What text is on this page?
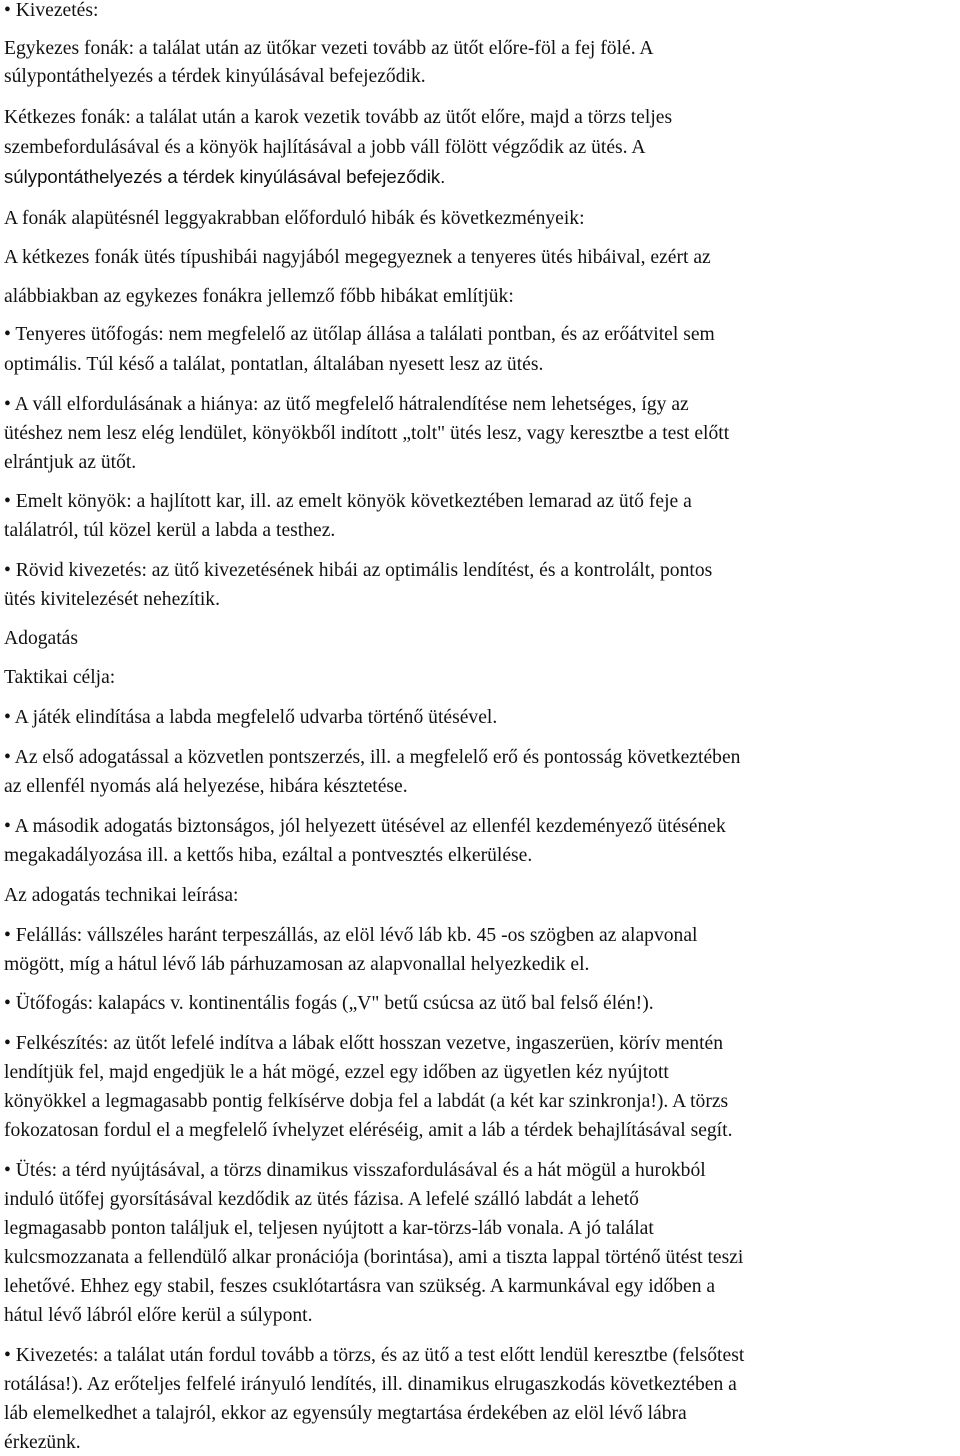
• Kivezetés:
Egykezes fonák: a találat után az ütőkar vezeti tovább az ütőt előre-föl a fej fölé. A
súlypontáthelyezés a térdek kinyúlásával befejeződik.
Kétkezes fonák: a találat után a karok vezetik tovább az ütőt előre, majd a törzs teljes
szembefordulásával és a könyök hajlításával a jobb váll fölött végződik az ütés. A
súlypontáthelyezés a térdek kinyúlásával befejeződik.
A fonák alapütésnél leggyakrabban előforduló hibák és következményeik:
A kétkezes fonák ütés típushibái nagyjából megegyeznek a tenyeres ütés hibáival, ezért az
alábbiakban az egykezes fonákra jellemző főbb hibákat említjük:
• Tenyeres ütőfogás: nem megfelelő az ütőlap állása a találati pontban, és az erőátvitel sem
optimális. Túl késő a találat, pontatlan, általában nyesett lesz az ütés.
• A váll elfordulásának a hiánya: az ütő megfelelő hátralendítése nem lehetséges, így az
ütéshez nem lesz elég lendület, könyökből indított „tolt" ütés lesz, vagy keresztbe a test előtt
elrántjuk az ütőt.
• Emelt könyök: a hajlított kar, ill. az emelt könyök következtében lemarad az ütő feje a
találatról, túl közel kerül a labda a testhez.
• Rövid kivezetés: az ütő kivezetésének hibái az optimális lendítést, és a kontrolált, pontos
ütés kivitelezését nehezítik.
Adogatás
Taktikai célja:
• A játék elindítása a labda megfelelő udvarba történő ütésével.
• Az első adogatással a közvetlen pontszerzés, ill. a megfelelő erő és pontosság következtében
az ellenfél nyomás alá helyezése, hibára késztetése.
• A második adogatás biztonságos, jól helyezett ütésével az ellenfél kezdeményező ütésének
megakadályozása ill. a kettős hiba, ezáltal a pontvesztés elkerülése.
Az adogatás technikai leírása:
• Felállás: vállszéles haránt terpeszállás, az elöl lévő láb kb. 45 -os szögben az alapvonal
mögött, míg a hátul lévő láb párhuzamosan az alapvonallal helyezkedik el.
• Ütőfogás: kalapács v. kontinentális fogás („V" betű csúcsa az ütő bal felső élén!).
• Felkészítés: az ütőt lefelé indítva a lábak előtt hosszan vezetve, ingaszerüen, körív mentén
lendítjük fel, majd engedjük le a hát mögé, ezzel egy időben az ügyetlen kéz nyújtott
könyökkel a legmagasabb pontig felkísérve dobja fel a labdát (a két kar szinkronja!). A törzs
fokozatosan fordul el a megfelelő ívhelyzet eléréséig, amit a láb a térdek behajlításával segít.
• Ütés: a térd nyújtásával, a törzs dinamikus visszafordulásával és a hát mögül a hurokból
induló ütőfej gyorsításával kezdődik az ütés fázisa. A lefelé szálló labdát a lehető
legmagasabb ponton találjuk el, teljesen nyújtott a kar-törzs-láb vonala. A jó találat
kulcsmozzanata a fellendülő alkar pronációja (borintása), ami a tiszta lappal történő ütést teszi
lehetővé. Ehhez egy stabil, feszes csuklótartásra van szükség. A karmunkával egy időben a
hátul lévő lábról előre kerül a súlypont.
• Kivezetés: a találat után fordul tovább a törzs, és az ütő a test előtt lendül keresztbe (felsőtest
rotálása!). Az erőteljes felfelé irányuló lendítés, ill. dinamikus elrugaszkodás következtében a
láb elemelkedhet a talajról, ekkor az egyensúly megtartása érdekében az elöl lévő lábra
érkezünk.
